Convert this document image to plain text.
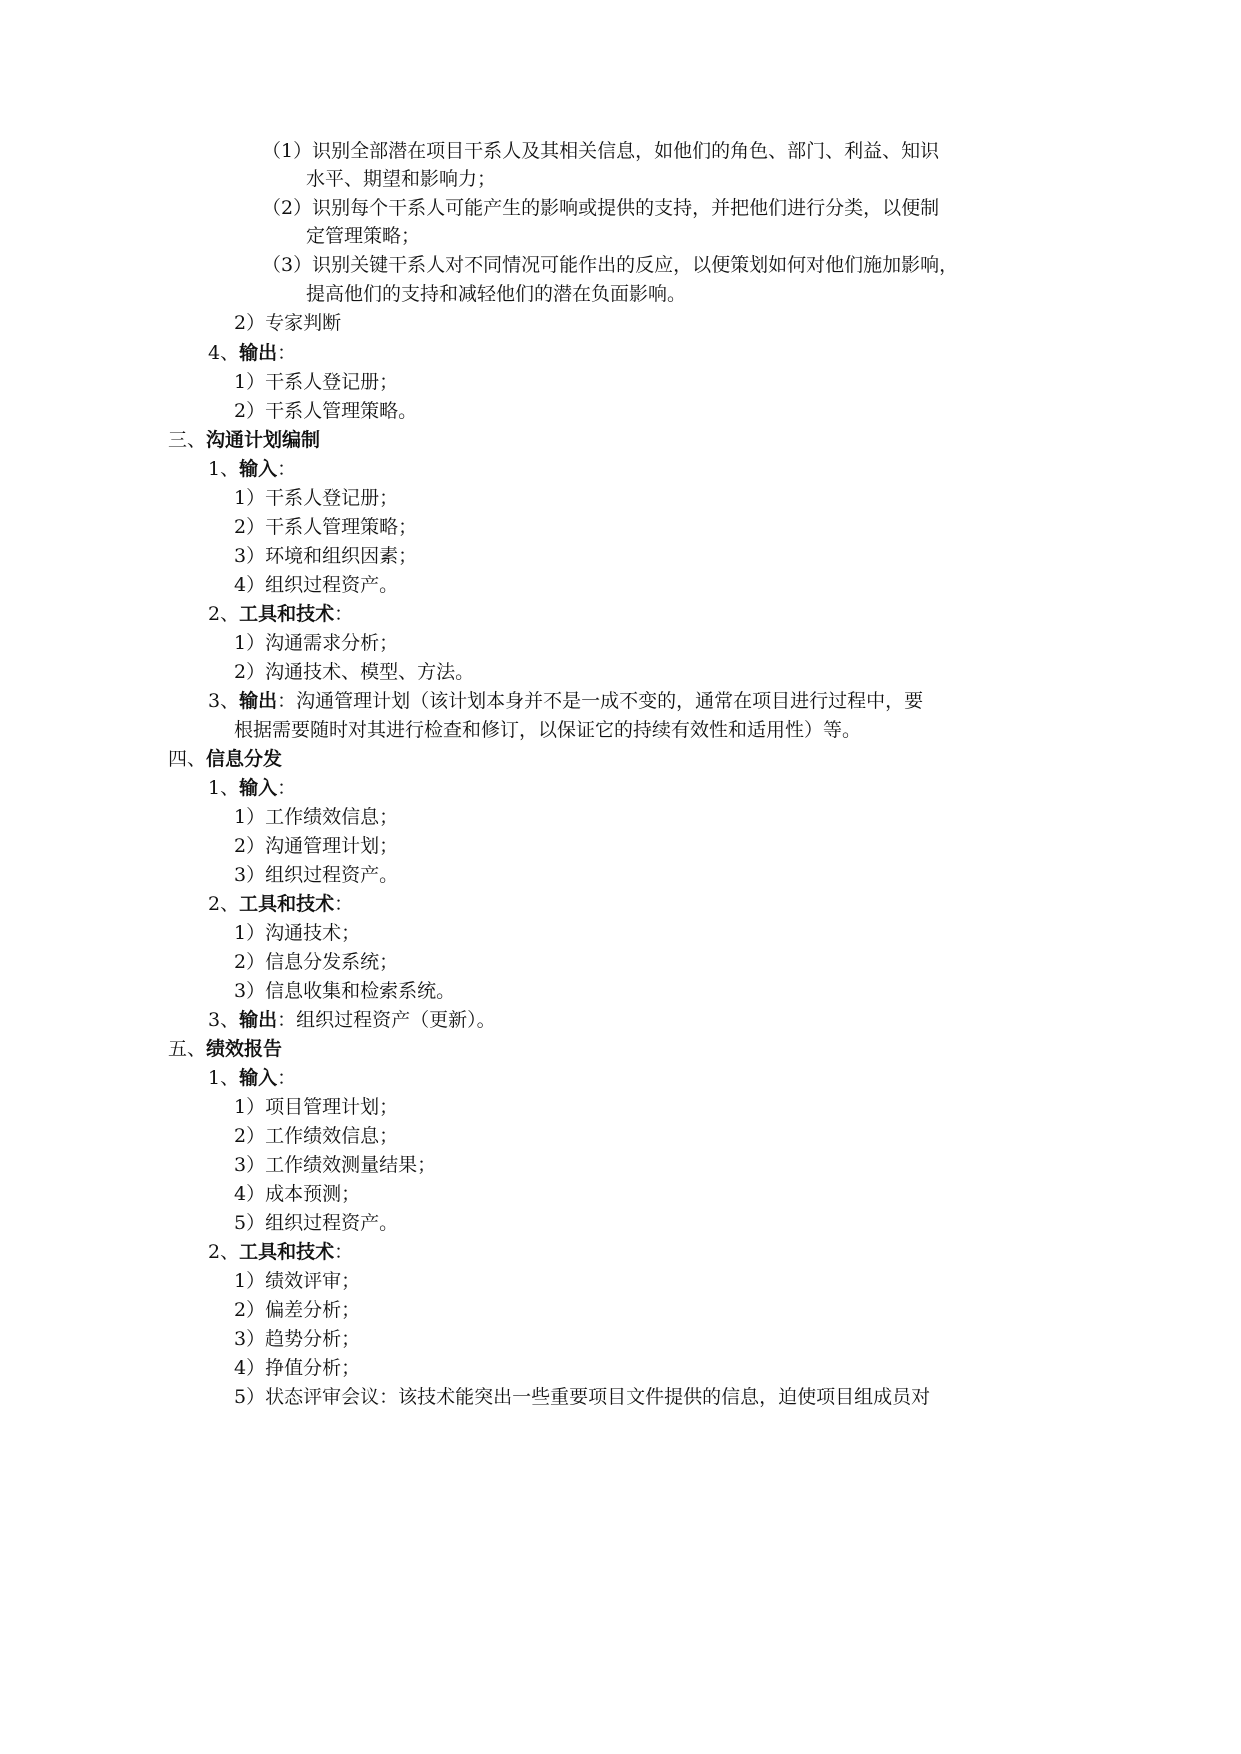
（1）识别全部潜在项目干系人及其相关信息，如他们的角色、部门、利益、知识
水平、期望和影响力；
（2）识别每个干系人可能产生的影响或提供的支持，并把他们进行分类，以便制
定管理策略；
（3）识别关键干系人对不同情况可能作出的反应，以便策划如何对他们施加影响，
提高他们的支持和减轻他们的潜在负面影响。
2）专家判断
4、输出：
1）干系人登记册；
2）干系人管理策略。
三、沟通计划编制
1、输入：
1）干系人登记册；
2）干系人管理策略；
3）环境和组织因素；
4）组织过程资产。
2、工具和技术：
1）沟通需求分析；
2）沟通技术、模型、方法。
3、输出：沟通管理计划（该计划本身并不是一成不变的，通常在项目进行过程中，要
根据需要随时对其进行检查和修订，以保证它的持续有效性和适用性）等。
四、信息分发
1、输入：
1）工作绩效信息；
2）沟通管理计划；
3）组织过程资产。
2、工具和技术：
1）沟通技术；
2）信息分发系统；
3）信息收集和检索系统。
3、输出：组织过程资产（更新）。
五、绩效报告
1、输入：
1）项目管理计划；
2）工作绩效信息；
3）工作绩效测量结果；
4）成本预测；
5）组织过程资产。
2、工具和技术：
1）绩效评审；
2）偏差分析；
3）趋势分析；
4）挣值分析；
5）状态评审会议：该技术能突出一些重要项目文件提供的信息，迫使项目组成员对
